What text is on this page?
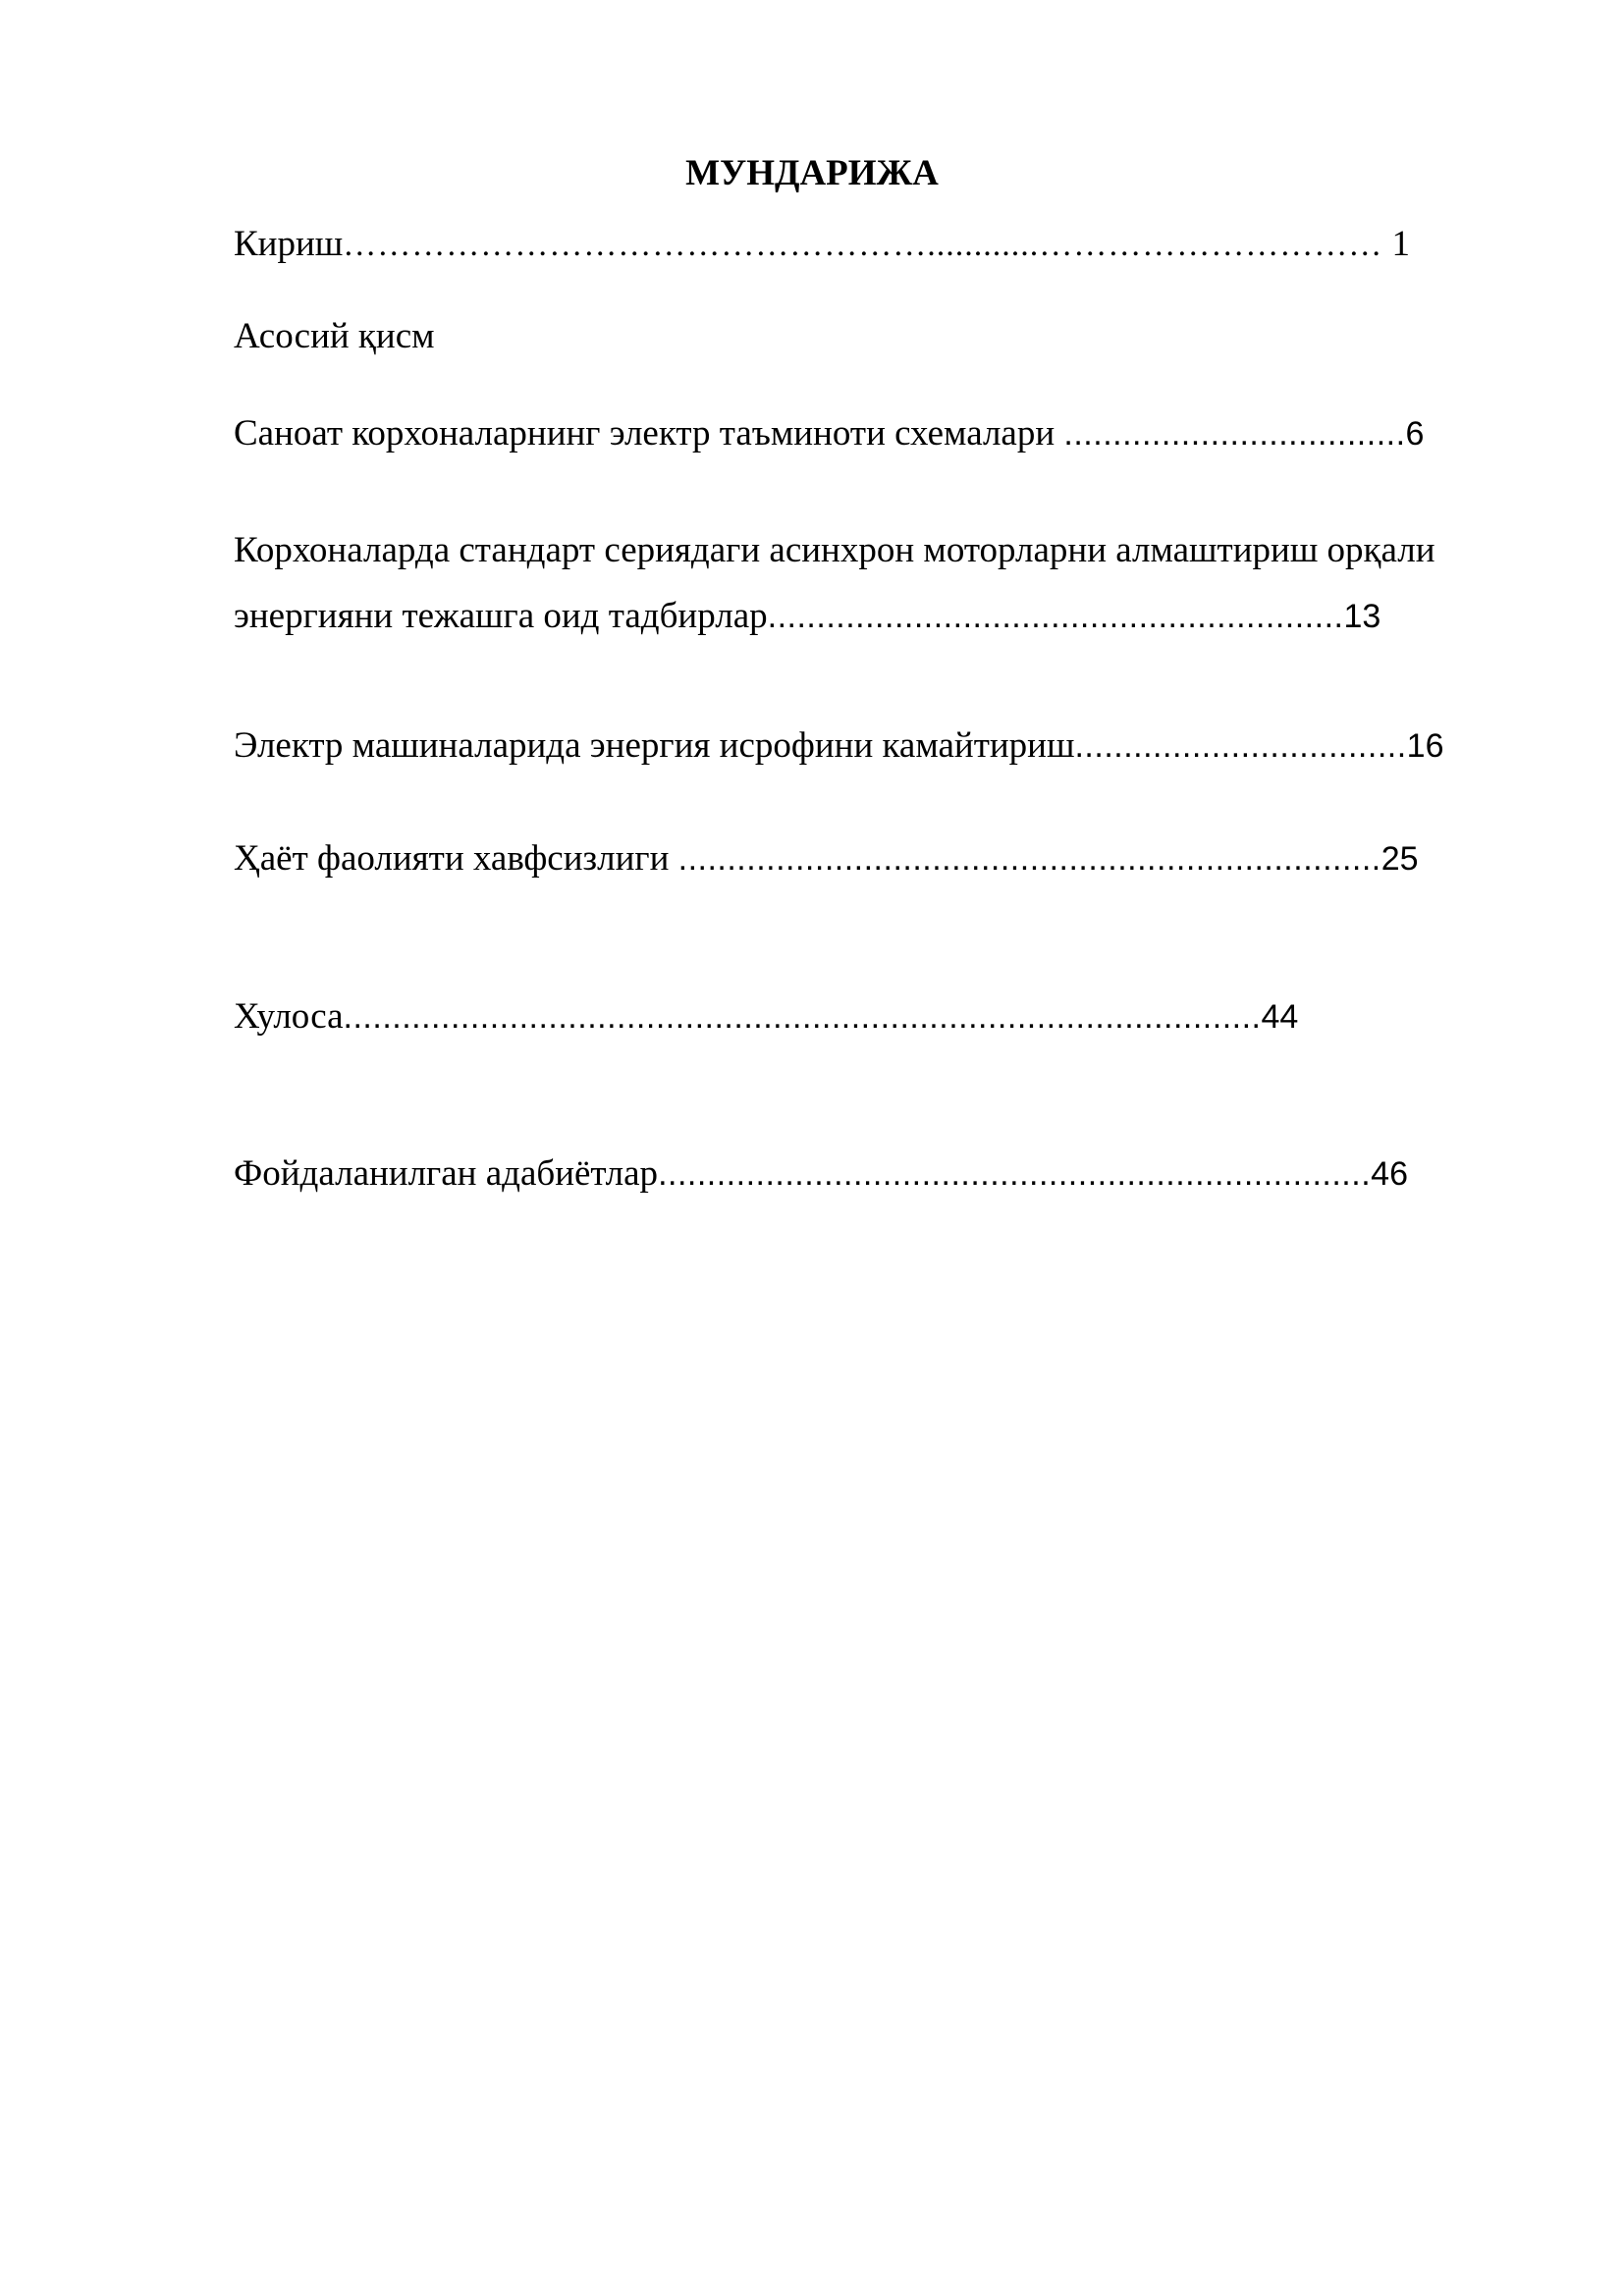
МУНДАРИЖА
Кириш……………………………………………............………………………… 1
Асосий қисм
Саноат корхоналарнинг электр таъминоти схемалари ...................................6
Корхоналарда стандарт сериядаги асинхрон моторларни алмаштириш орқали
энергияни тежашга оид тадбирлар...........................................................13
Электр машиналарида энергия исрофини камайтириш..................................16
Ҳаёт фаолияти хавфсизлиги ........................................................................25
Хулоса..............................................................................................44
Фойдаланилган адабиётлар.........................................................................46
